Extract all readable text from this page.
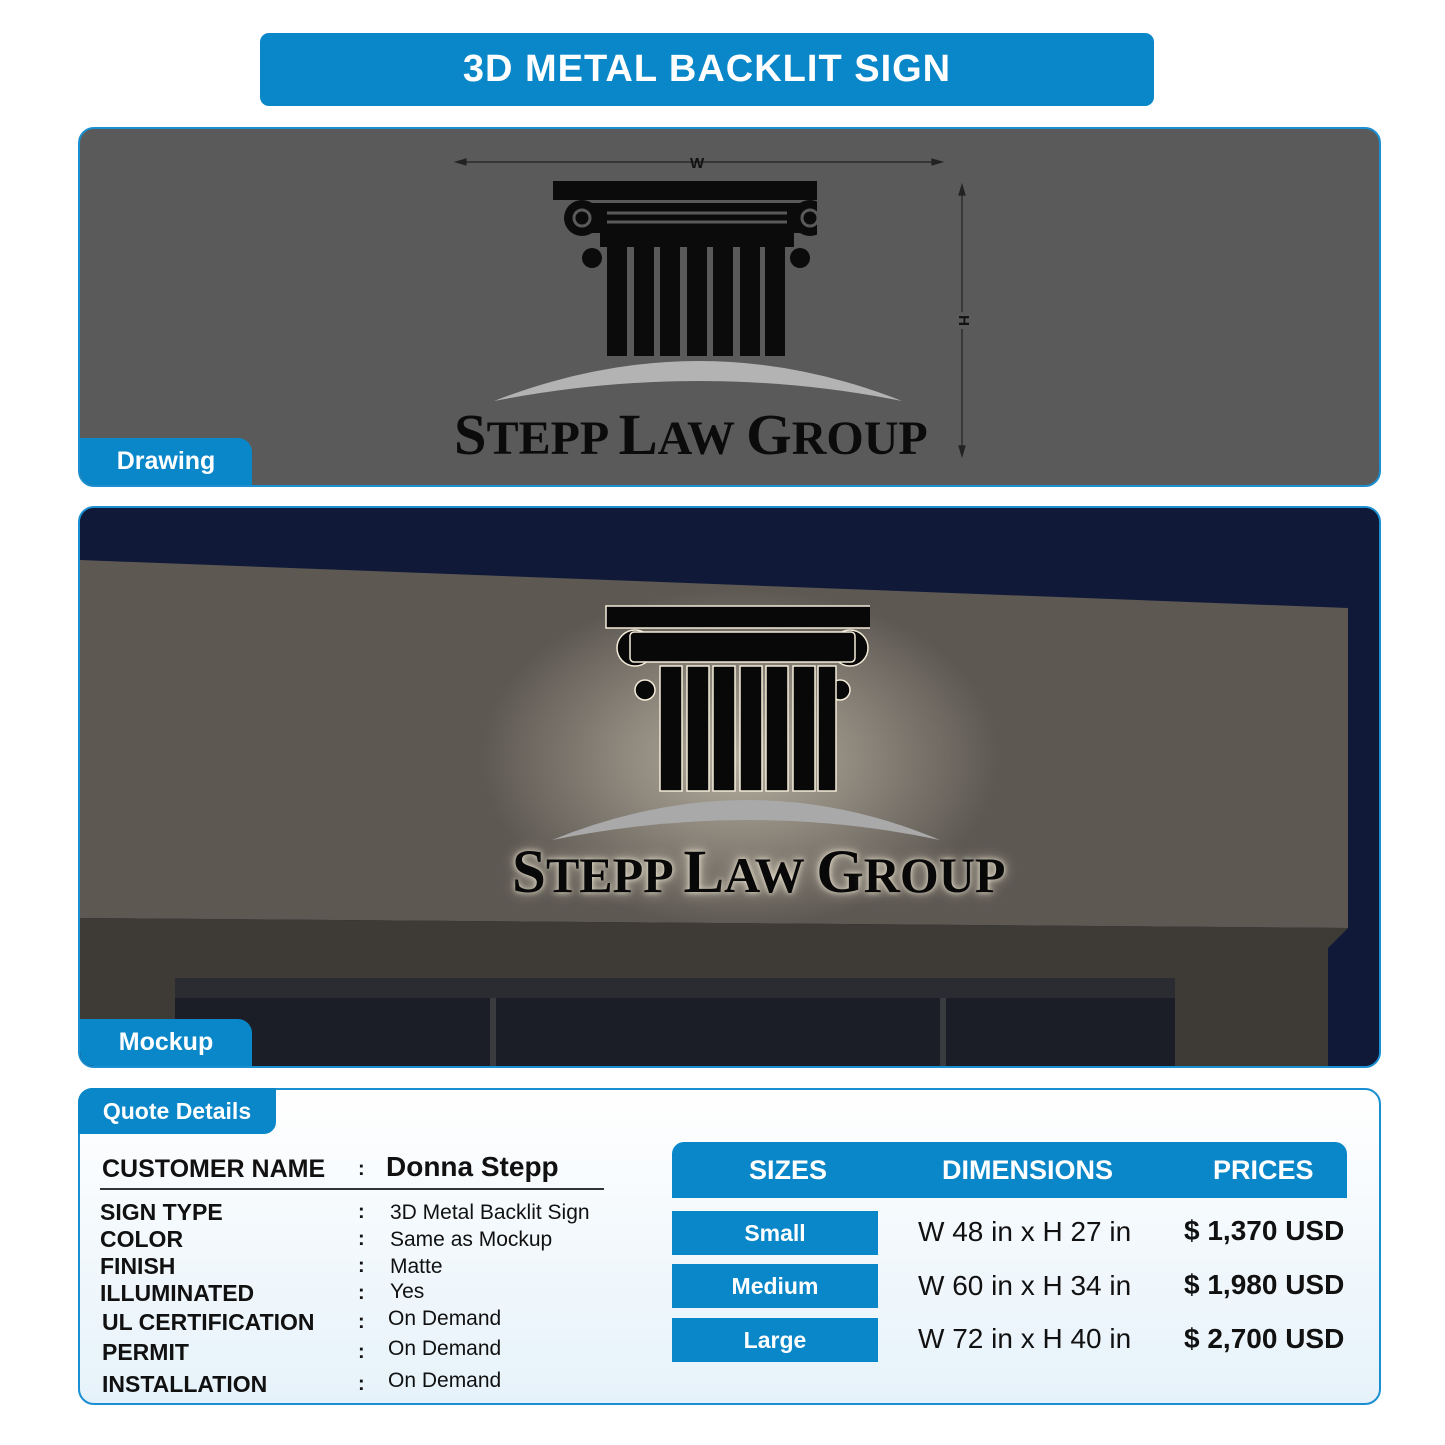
3D METAL BACKLIT SIGN
W
H
STEPP LAW GROUP
Drawing
STEPP LAW GROUP
Mockup
Quote Details
CUSTOMER NAME : Donna Stepp
SIGN TYPE	: 3D Metal Backlit Sign
COLOR	: Same as Mockup
FINISH	: Matte
ILLUMINATED	: Yes
UL CERTIFICATION : On Demand
PERMIT	: On Demand
INSTALLATION	: On Demand
SIZES	DIMENSIONS	PRICES
Small	W 48 in x H 27 in $ 1,370 USD
Medium	W 60 in x H 34 in $ 1,980 USD
Large	W 72 in x H 40 in $ 2,700 USD
